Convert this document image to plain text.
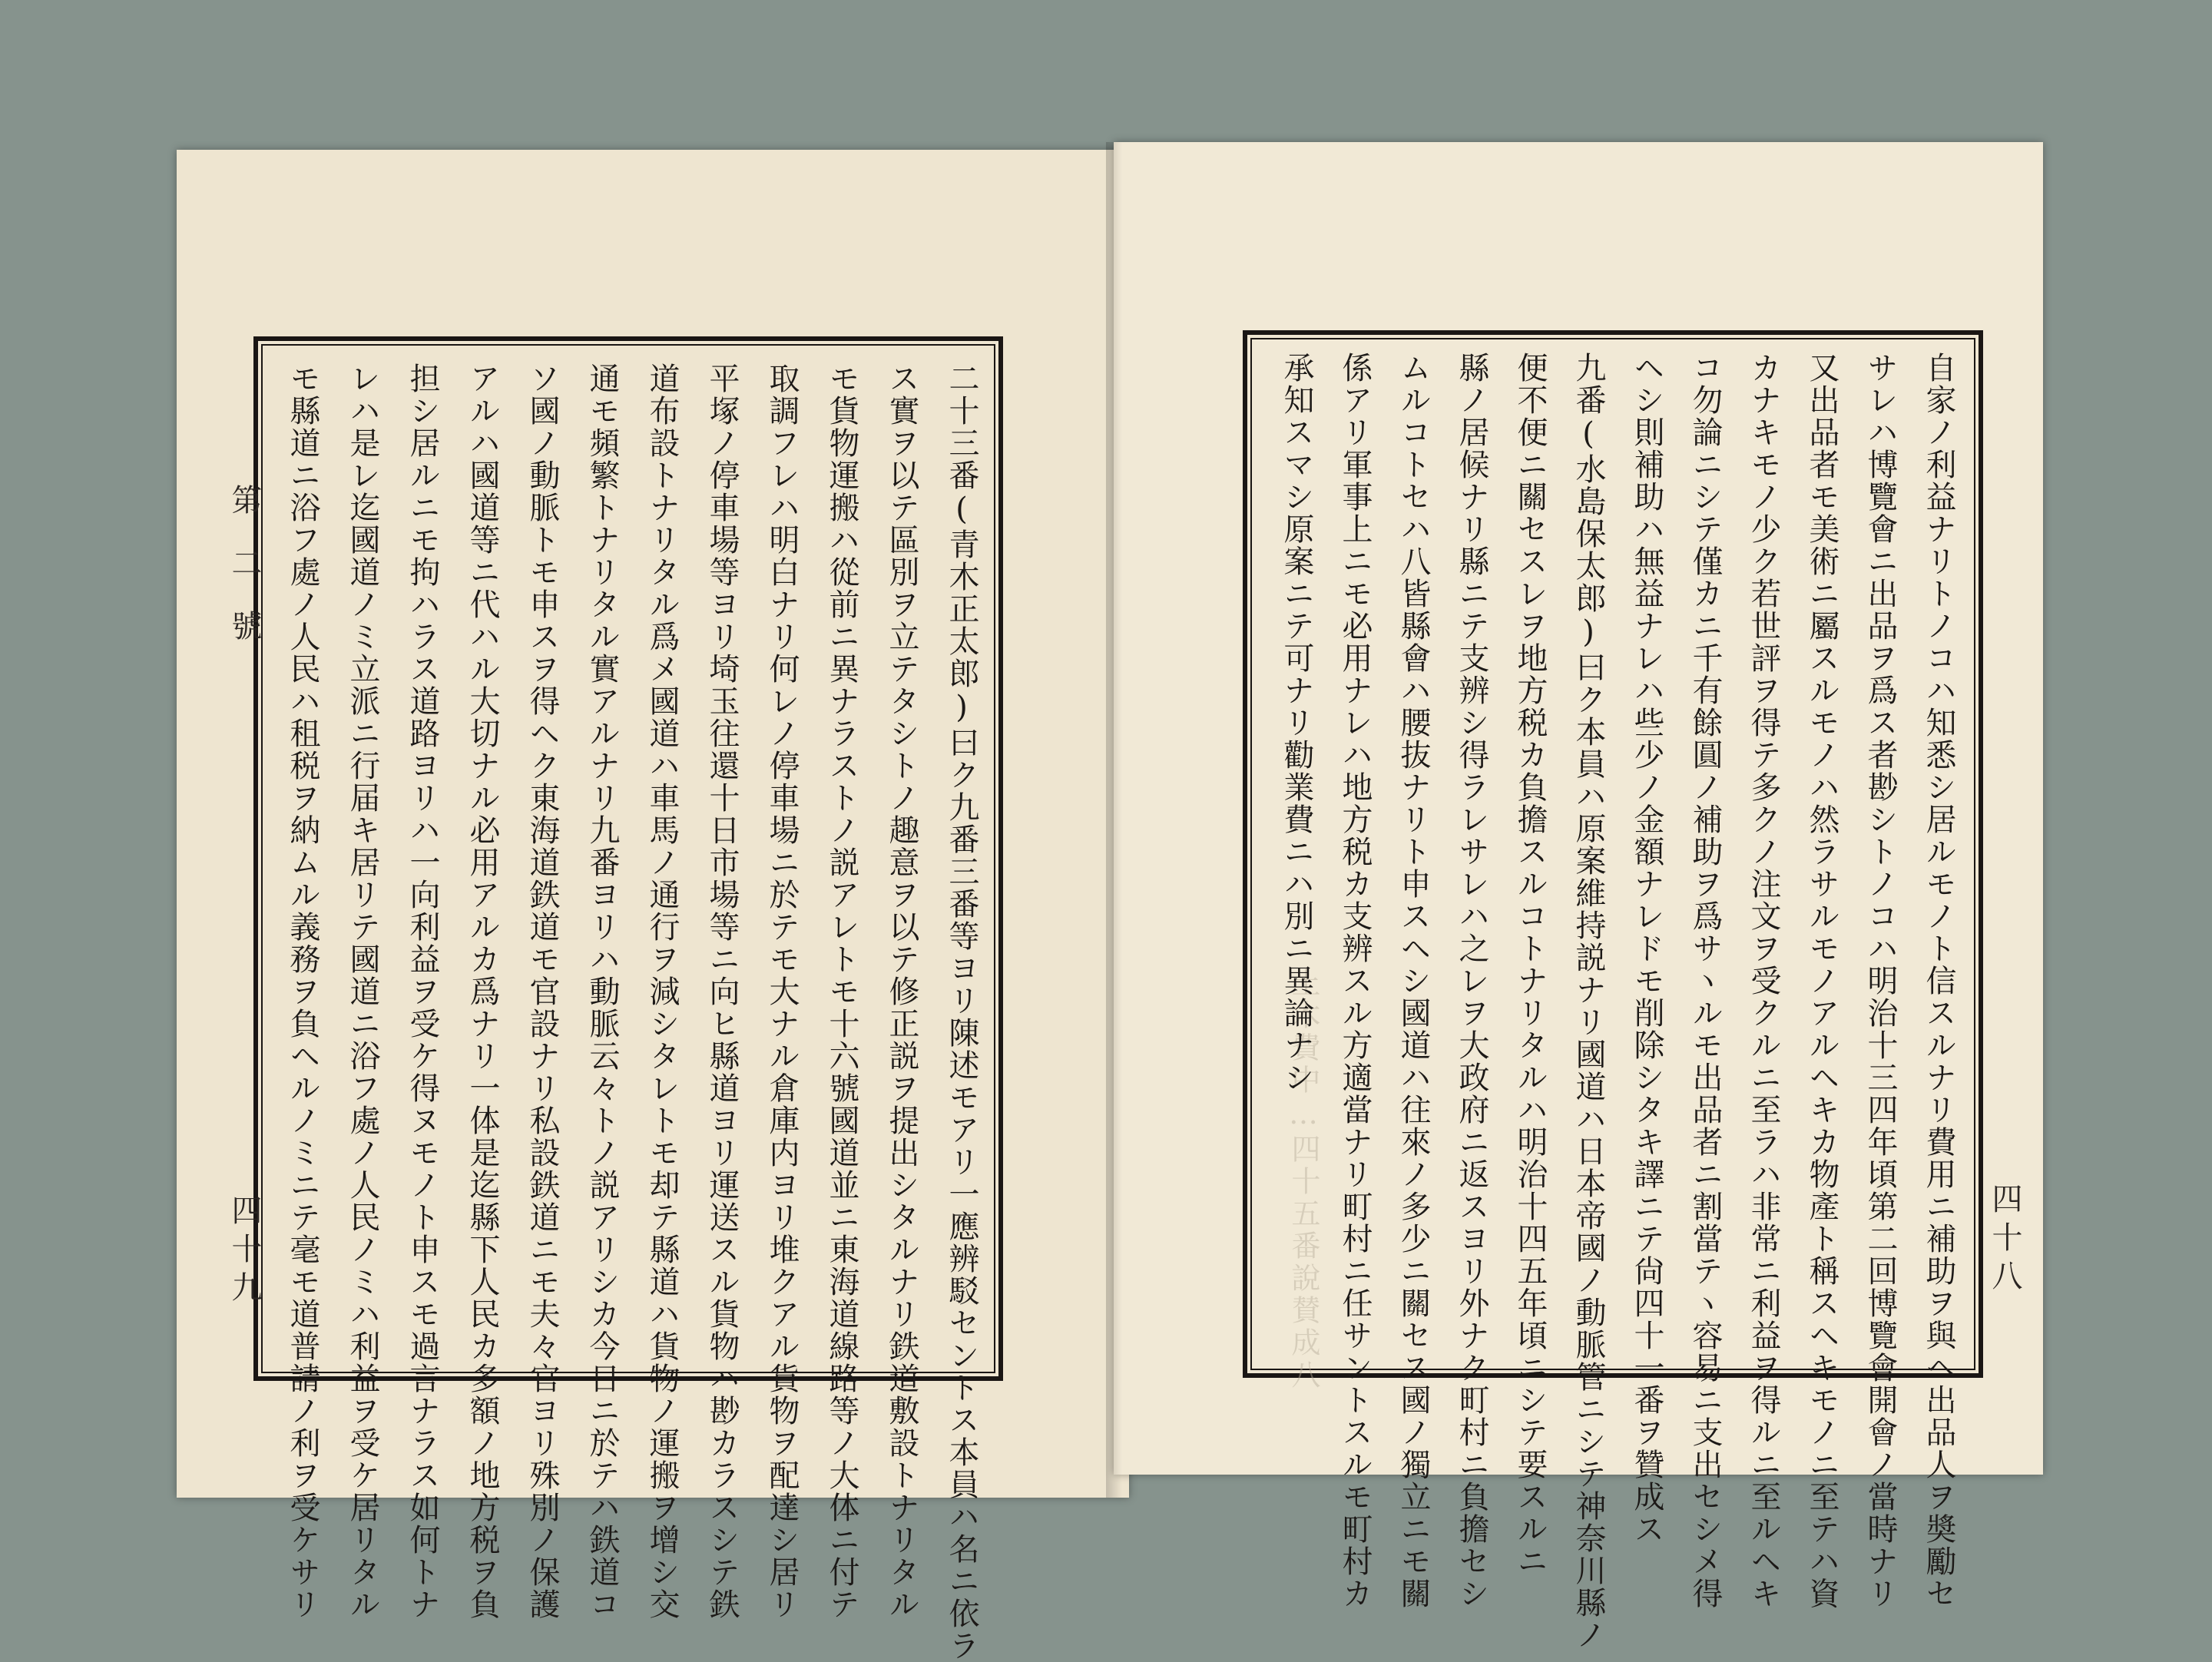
第二號
四十九	四十八
土木費中…四十五番說賛成八
二十三番(青木正太郎)曰ク九番三番等ヨリ陳述モアリ一應辨駁セントス本員ハ名ニ依ラ
ス實ヲ以テ區別ヲ立テタシトノ趣意ヲ以テ修正説ヲ提出シタルナリ鉄道敷設トナリタル
モ貨物運搬ハ從前ニ異ナラストノ説アレトモ十六號國道並ニ東海道線路等ノ大体ニ付テ
取調フレハ明白ナリ何レノ停車場ニ於テモ大ナル倉庫内ヨリ堆クアル貨物ヲ配達シ居リ
平塚ノ停車場等ヨリ埼玉往還十日市場等ニ向ヒ縣道ヨリ運送スル貨物ハ尠カラスシテ鉄
道布設トナリタル爲メ國道ハ車馬ノ通行ヲ減シタレトモ却テ縣道ハ貨物ノ運搬ヲ增シ交
通モ頻繁トナリタル實アルナリ九番ヨリハ動脈云々トノ説アリシカ今日ニ於テハ鉄道コ
ソ國ノ動脈トモ申スヲ得ヘク東海道鉄道モ官設ナリ私設鉄道ニモ夫々官ヨリ殊別ノ保護
アルハ國道等ニ代ハル大切ナル必用アルカ爲ナリ一体是迄縣下人民カ多額ノ地方税ヲ負
担シ居ルニモ拘ハラス道路ヨリハ一向利益ヲ受ケ得ヌモノト申スモ過言ナラス如何トナ
レハ是レ迄國道ノミ立派ニ行届キ居リテ國道ニ浴フ處ノ人民ノミハ利益ヲ受ケ居リタル
モ縣道ニ浴フ處ノ人民ハ租税ヲ納ムル義務ヲ負ヘルノミニテ毫モ道普請ノ利ヲ受ケサリ	自家ノ利益ナリトノコハ知悉シ居ルモノト信スルナリ費用ニ補助ヲ與ヘ出品人ヲ奬勵セ
サレハ博覽會ニ出品ヲ爲ス者尠シトノコハ明治十三四年頃第二回博覽會開會ノ當時ナリ
又出品者モ美術ニ屬スルモノハ然ラサルモノアルヘキカ物產ト稱スヘキモノニ至テハ資
カナキモノ少ク若世評ヲ得テ多クノ注文ヲ受クルニ至ラハ非常ニ利益ヲ得ルニ至ルヘキ
コ勿論ニシテ僅カニ千有餘圓ノ補助ヲ爲サヽルモ出品者ニ割當テヽ容易ニ支出セシメ得
ヘシ則補助ハ無益ナレハ些少ノ金額ナレドモ削除シタキ譯ニテ尙四十一番ヲ贊成ス
九番(水島保太郎)曰ク本員ハ原案維持説ナリ國道ハ日本帝國ノ動脈管ニシテ神奈川縣ノ
便不便ニ關セスレヲ地方税カ負擔スルコトナリタルハ明治十四五年頃ニシテ要スルニ
縣ノ居候ナリ縣ニテ支辨シ得ラレサレハ之レヲ大政府ニ返スヨリ外ナク町村ニ負擔セシ
ムルコトセハ八皆縣會ハ腰抜ナリト申スヘシ國道ハ往來ノ多少ニ關セス國ノ獨立ニモ關
係アリ軍事上ニモ必用ナレハ地方税カ支辨スル方適當ナリ町村ニ任サントスルモ町村カ
承知スマシ原案ニテ可ナリ勸業費ニハ別ニ異論ナシ
